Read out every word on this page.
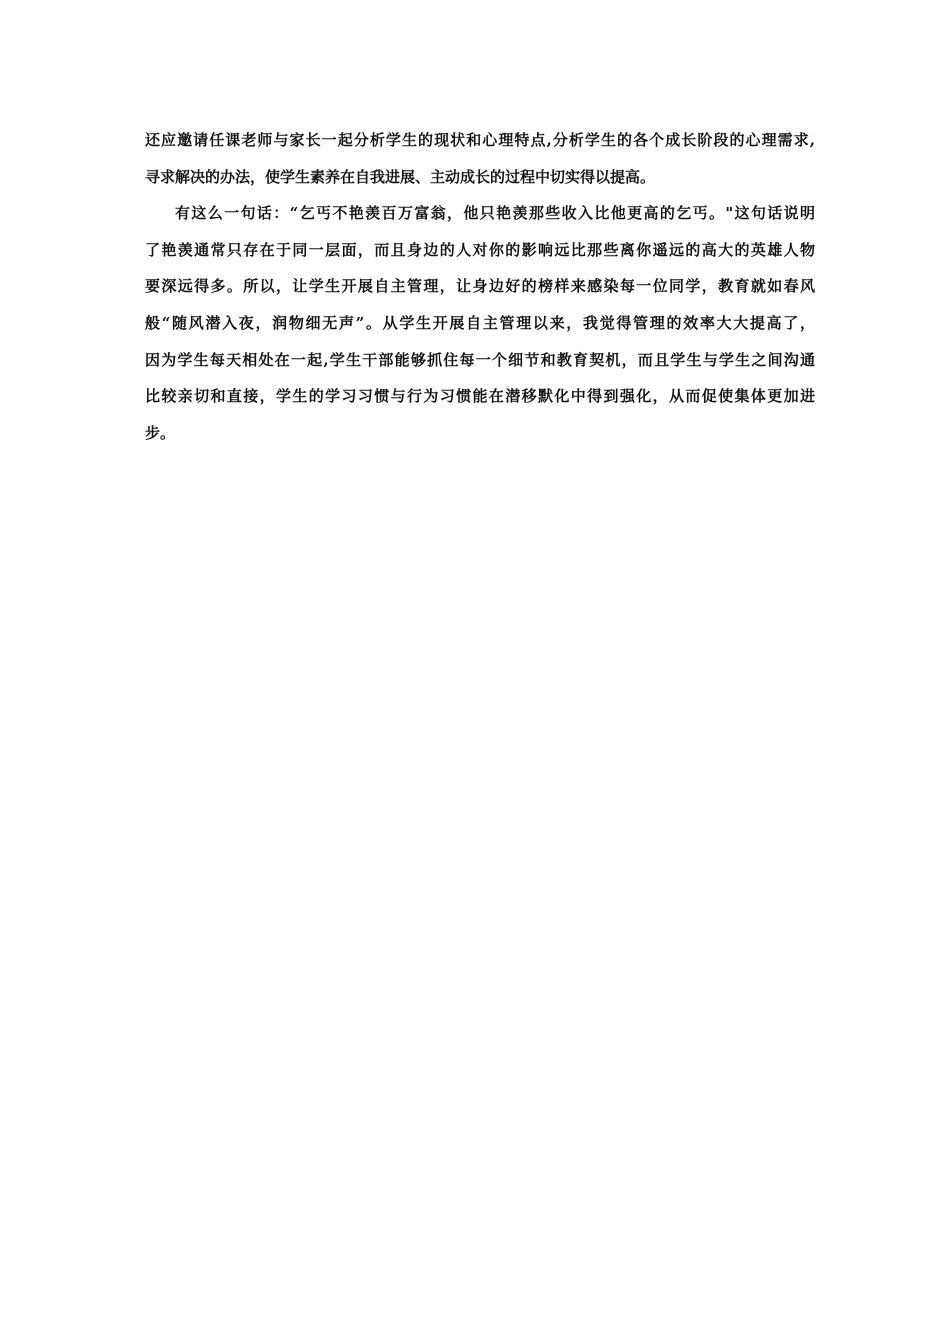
还应邀请任课老师与家长一起分析学生的现状和心理特点,分析学生的各个成长阶段的心理需求,
寻求解决的办法，使学生素养在自我进展、主动成长的过程中切实得以提高。
有这么一句话：“乞丐不艳羡百万富翁，他只艳羡那些收入比他更高的乞丐。"这句话说明
了艳羡通常只存在于同一层面，而且身边的人对你的影响远比那些离你遥远的高大的英雄人物
要深远得多。所以，让学生开展自主管理，让身边好的榜样来感染每一位同学，教育就如春风
般“随风潜入夜，润物细无声”。从学生开展自主管理以来，我觉得管理的效率大大提高了，
因为学生每天相处在一起,学生干部能够抓住每一个细节和教育契机，而且学生与学生之间沟通
比较亲切和直接，学生的学习习惯与行为习惯能在潜移默化中得到强化，从而促使集体更加进
步。
